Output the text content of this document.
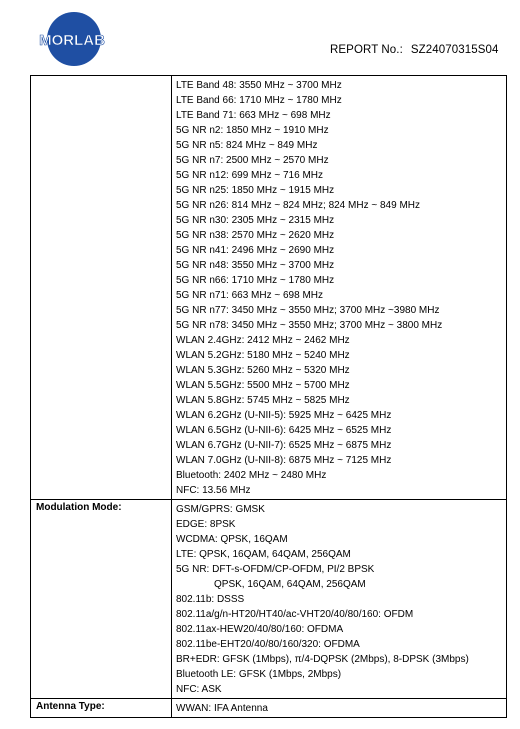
MORLAB
REPORT No.: SZ24070315S04
LTE Band 48: 3550 MHz ~ 3700 MHz
LTE Band 66: 1710 MHz ~ 1780 MHz
LTE Band 71: 663 MHz ~ 698 MHz
5G NR n2: 1850 MHz ~ 1910 MHz
5G NR n5: 824 MHz ~ 849 MHz
5G NR n7: 2500 MHz ~ 2570 MHz
5G NR n12: 699 MHz ~ 716 MHz
5G NR n25: 1850 MHz ~ 1915 MHz
5G NR n26: 814 MHz ~ 824 MHz; 824 MHz ~ 849 MHz
5G NR n30: 2305 MHz ~ 2315 MHz
5G NR n38: 2570 MHz ~ 2620 MHz
5G NR n41: 2496 MHz ~ 2690 MHz
5G NR n48: 3550 MHz ~ 3700 MHz
5G NR n66: 1710 MHz ~ 1780 MHz
5G NR n71: 663 MHz ~ 698 MHz
5G NR n77: 3450 MHz ~ 3550 MHz; 3700 MHz ~3980 MHz
5G NR n78: 3450 MHz ~ 3550 MHz; 3700 MHz ~ 3800 MHz
WLAN 2.4GHz: 2412 MHz ~ 2462 MHz
WLAN 5.2GHz: 5180 MHz ~ 5240 MHz
WLAN 5.3GHz: 5260 MHz ~ 5320 MHz
WLAN 5.5GHz: 5500 MHz ~ 5700 MHz
WLAN 5.8GHz: 5745 MHz ~ 5825 MHz
WLAN 6.2GHz (U-NII-5): 5925 MHz ~ 6425 MHz
WLAN 6.5GHz (U-NII-6): 6425 MHz ~ 6525 MHz
WLAN 6.7GHz (U-NII-7): 6525 MHz ~ 6875 MHz
WLAN 7.0GHz (U-NII-8): 6875 MHz ~ 7125 MHz
Bluetooth: 2402 MHz ~ 2480 MHz
NFC: 13.56 MHz
Modulation Mode:	GSM/GPRS: GMSK
EDGE: 8PSK
WCDMA: QPSK, 16QAM
LTE: QPSK, 16QAM, 64QAM, 256QAM
5G NR: DFT-s-OFDM/CP-OFDM, PI/2 BPSK
QPSK, 16QAM, 64QAM, 256QAM
802.11b: DSSS
802.11a/g/n-HT20/HT40/ac-VHT20/40/80/160: OFDM
802.11ax-HEW20/40/80/160: OFDMA
802.11be-EHT20/40/80/160/320: OFDMA
BR+EDR: GFSK (1Mbps), π/4-DQPSK (2Mbps), 8-DPSK (3Mbps)
Bluetooth LE: GFSK (1Mbps, 2Mbps)
NFC: ASK
Antenna Type:	WWAN: IFA Antenna
